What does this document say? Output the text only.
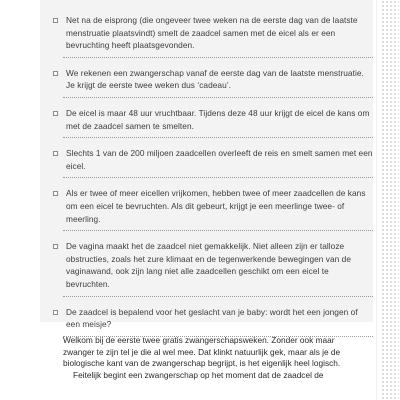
Net na de eisprong (die ongeveer twee weken na de eerste dag van de laatste menstruatie plaatsvindt) smelt de zaadcel samen met de eicel als er een bevruchting heeft plaatsgevonden.
We rekenen een zwangerschap vanaf de eerste dag van de laatste menstruatie. Je krijgt de eerste twee weken dus ‘cadeau’.
De eicel is maar 48 uur vruchtbaar. Tijdens deze 48 uur krijgt de eicel de kans om met de zaadcel samen te smelten.
Slechts 1 van de 200 miljoen zaadcellen overleeft de reis en smelt samen met een eicel.
Als er twee of meer eicellen vrijkomen, hebben twee of meer zaadcellen de kans om een eicel te bevruchten. Als dit gebeurt, krijgt je een meerlinge twee- of meerling.
De vagina maakt het de zaadcel niet gemakkelijk. Niet alleen zijn er talloze obstructies, zoals het zure klimaat en de tegenwerkende bewegingen van de vaginawand, ook zijn lang niet alle zaadcellen geschikt om een eicel te bevruchten.
De zaadcel is bepalend voor het geslacht van je baby: wordt het een jongen of een meisje?

Welkom bij de eerste twee gratis zwangerschapsweken. Zonder ook maar zwanger te zijn tel je die al wel mee. Dat klinkt natuurlijk gek, maar als je de biologische kant van de zwangerschap begrijpt, is het eigenlijk heel logisch.

Feitelijk begint een zwangerschap op het moment dat de zaadcel de
